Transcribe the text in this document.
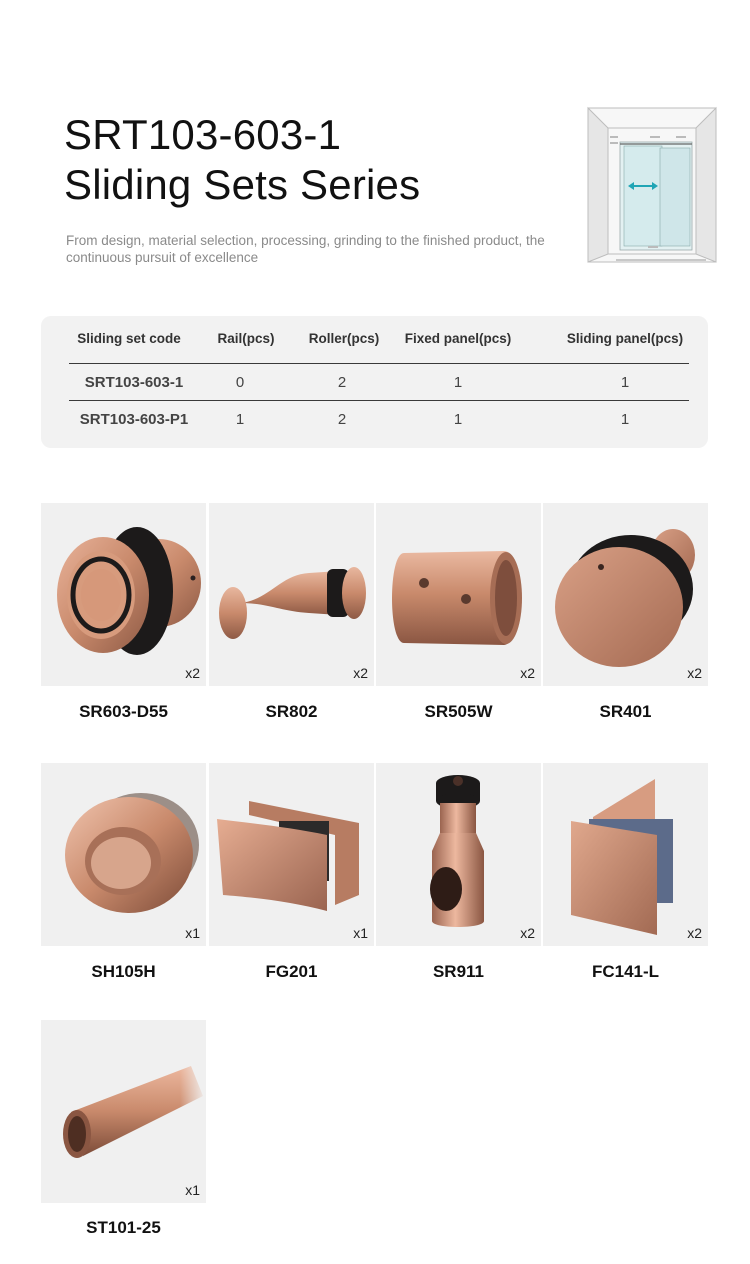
SRT103-603-1
Sliding Sets Series
From design, material selection, processing, grinding to the finished product, the continuous pursuit of excellence
Sliding set code	Rail(pcs)	Roller(pcs)	Fixed panel(pcs)	Sliding panel(pcs)
SRT103-603-1	0	2	1	1
SRT103-603-P1	1	2	1	1
x2
SR603-D55
x2
SR802
x2
SR505W
x2
SR401
x1
SH105H
x1
FG201
x2
SR911
x2
FC141-L
x1
ST101-25
